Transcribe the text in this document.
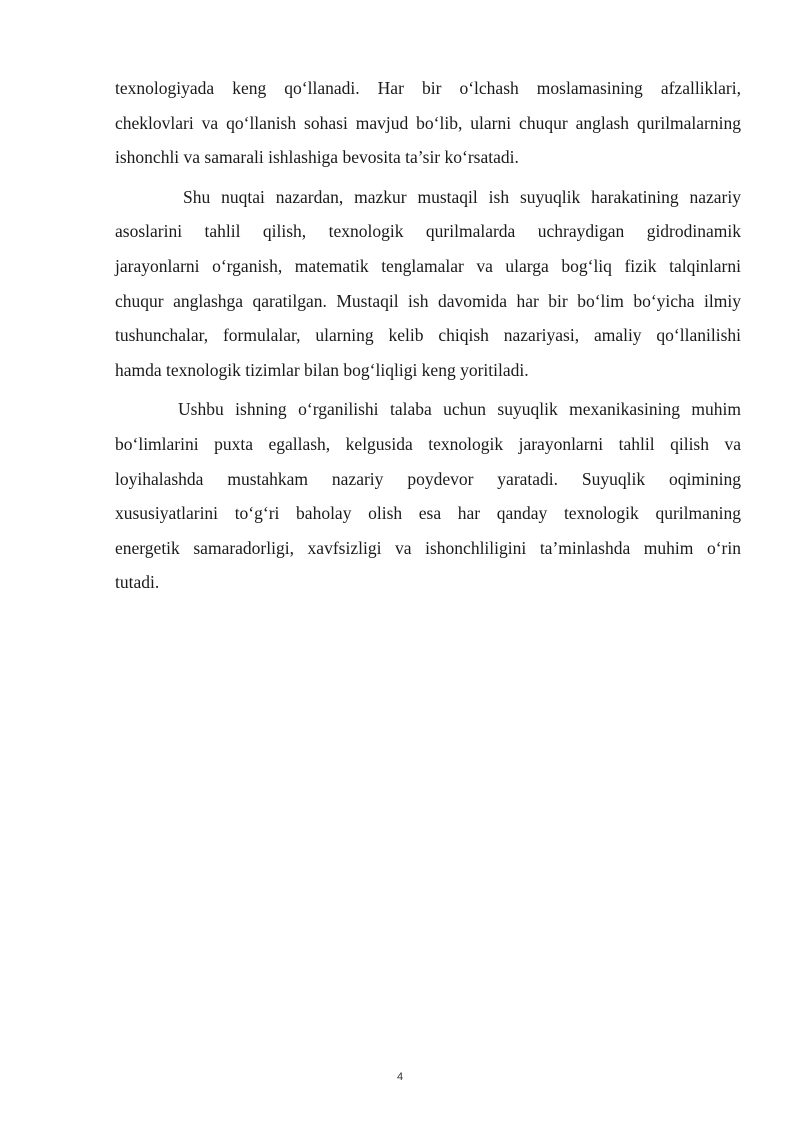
texnologiyada keng qo‘llanadi. Har bir o‘lchash moslamasining afzalliklari,
cheklovlari va qo‘llanish sohasi mavjud bo‘lib, ularni chuqur anglash qurilmalarning
ishonchli va samarali ishlashiga bevosita ta’sir ko‘rsatadi.
Shu nuqtai nazardan, mazkur mustaqil ish suyuqlik harakatining nazariy
asoslarini tahlil qilish, texnologik qurilmalarda uchraydigan gidrodinamik
jarayonlarni o‘rganish, matematik tenglamalar va ularga bog‘liq fizik talqinlarni
chuqur anglashga qaratilgan. Mustaqil ish davomida har bir bo‘lim bo‘yicha ilmiy
tushunchalar, formulalar, ularning kelib chiqish nazariyasi, amaliy qo‘llanilishi
hamda texnologik tizimlar bilan bog‘liqligi keng yoritiladi.
Ushbu ishning o‘rganilishi talaba uchun suyuqlik mexanikasining muhim
bo‘limlarini puxta egallash, kelgusida texnologik jarayonlarni tahlil qilish va
loyihalashda mustahkam nazariy poydevor yaratadi. Suyuqlik oqimining
xususiyatlarini to‘g‘ri baholay olish esa har qanday texnologik qurilmaning
energetik samaradorligi, xavfsizligi va ishonchliligini ta’minlashda muhim o‘rin
tutadi.
4
